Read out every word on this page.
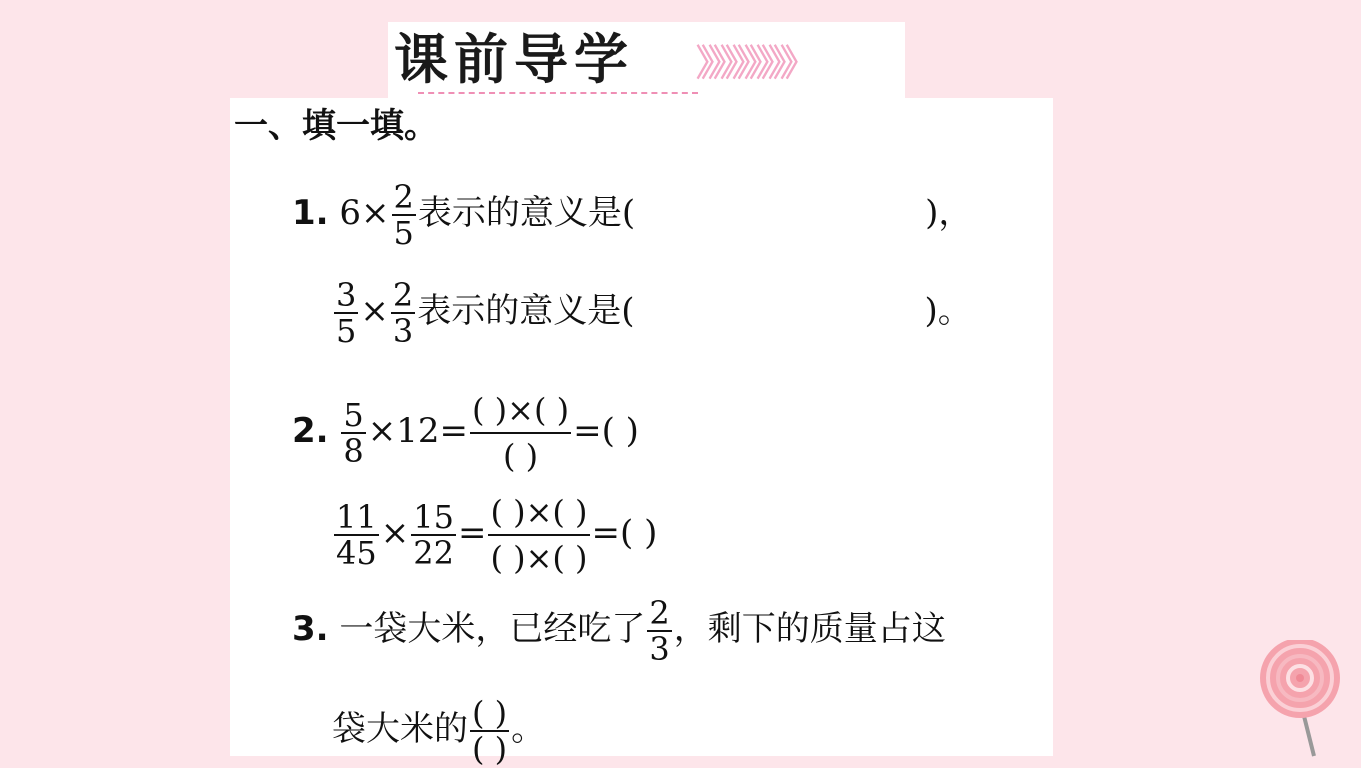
课前导学 》》》》》》》》
一、填一填。
1. $6\times \frac{2}{5}$ 表示的意义是(	)，
$\frac{3}{5} \times \frac{2}{3}$ 表示的意义是(	)。
2. $\frac{5}{8} \times 12= \frac{( )\times( )}{( )}$ =( )
$\frac{11}{45} \times \frac{15}{22} = \frac{( )\times( )}{( )\times( )}$ =( )
3. 一袋大米，已经吃了 $\frac{2}{3}$ ，剩下的质量占这
袋大米的 $\frac{( )}{( )}$ 。
